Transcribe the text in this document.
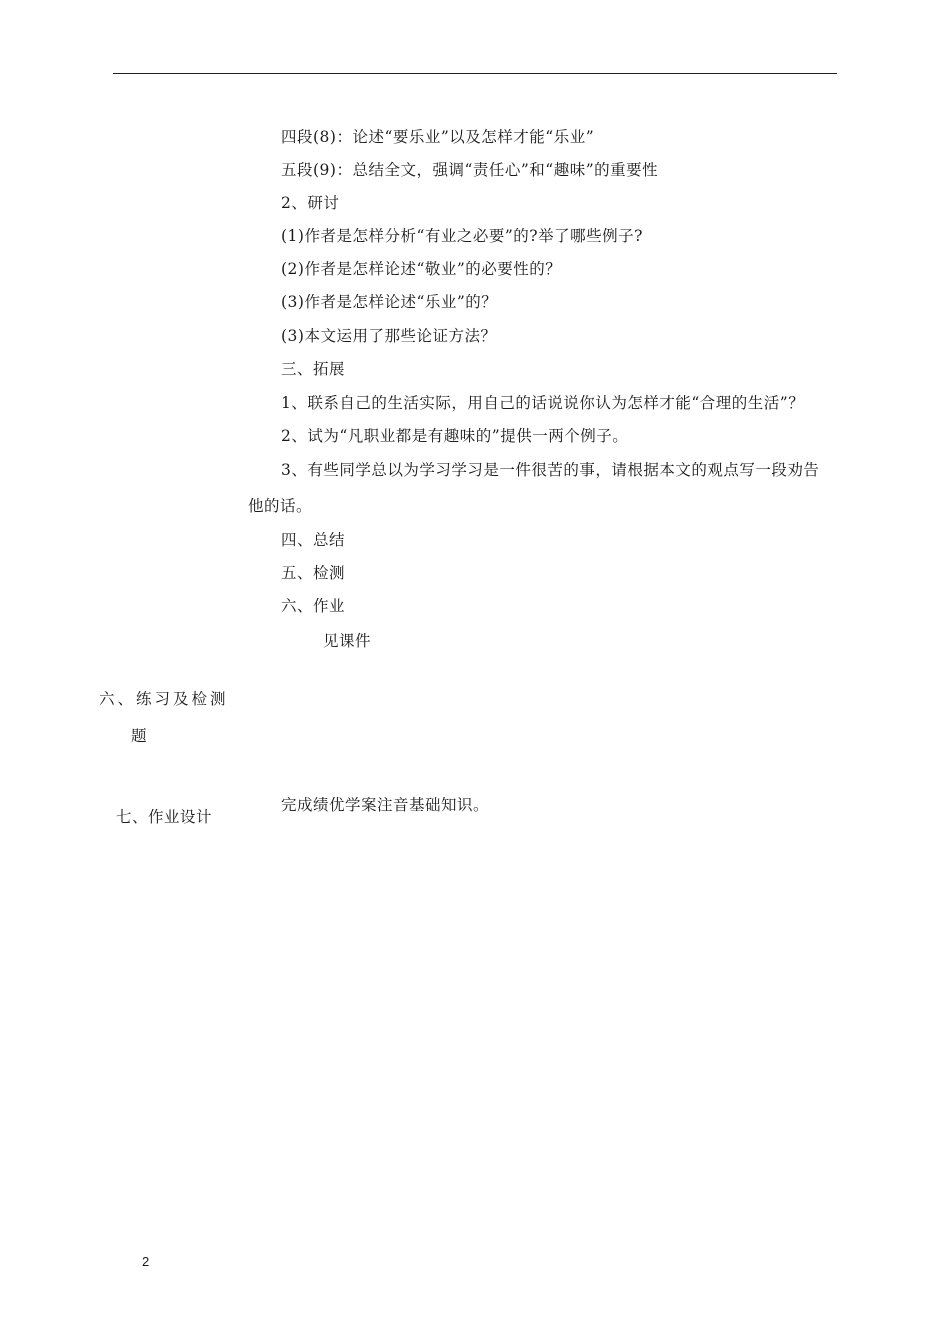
四段(8)：论述“要乐业”以及怎样才能“乐业”
五段(9)：总结全文，强调“责任心”和“趣味”的重要性
2、研讨
(1)作者是怎样分析“有业之必要”的?举了哪些例子?
(2)作者是怎样论述“敬业”的必要性的？
(3)作者是怎样论述“乐业”的？
(3)本文运用了那些论证方法？
三、拓展
1、联系自己的生活实际，用自己的话说说你认为怎样才能“合理的生活”？
2、试为“凡职业都是有趣味的”提供一两个例子。
3、有些同学总以为学习学习是一件很苦的事，请根据本文的观点写一段劝告
他的话。
四、总结
五、检测
六、作业
见课件
六、练习及检测
题
七、作业设计
完成绩优学案注音基础知识。
2
